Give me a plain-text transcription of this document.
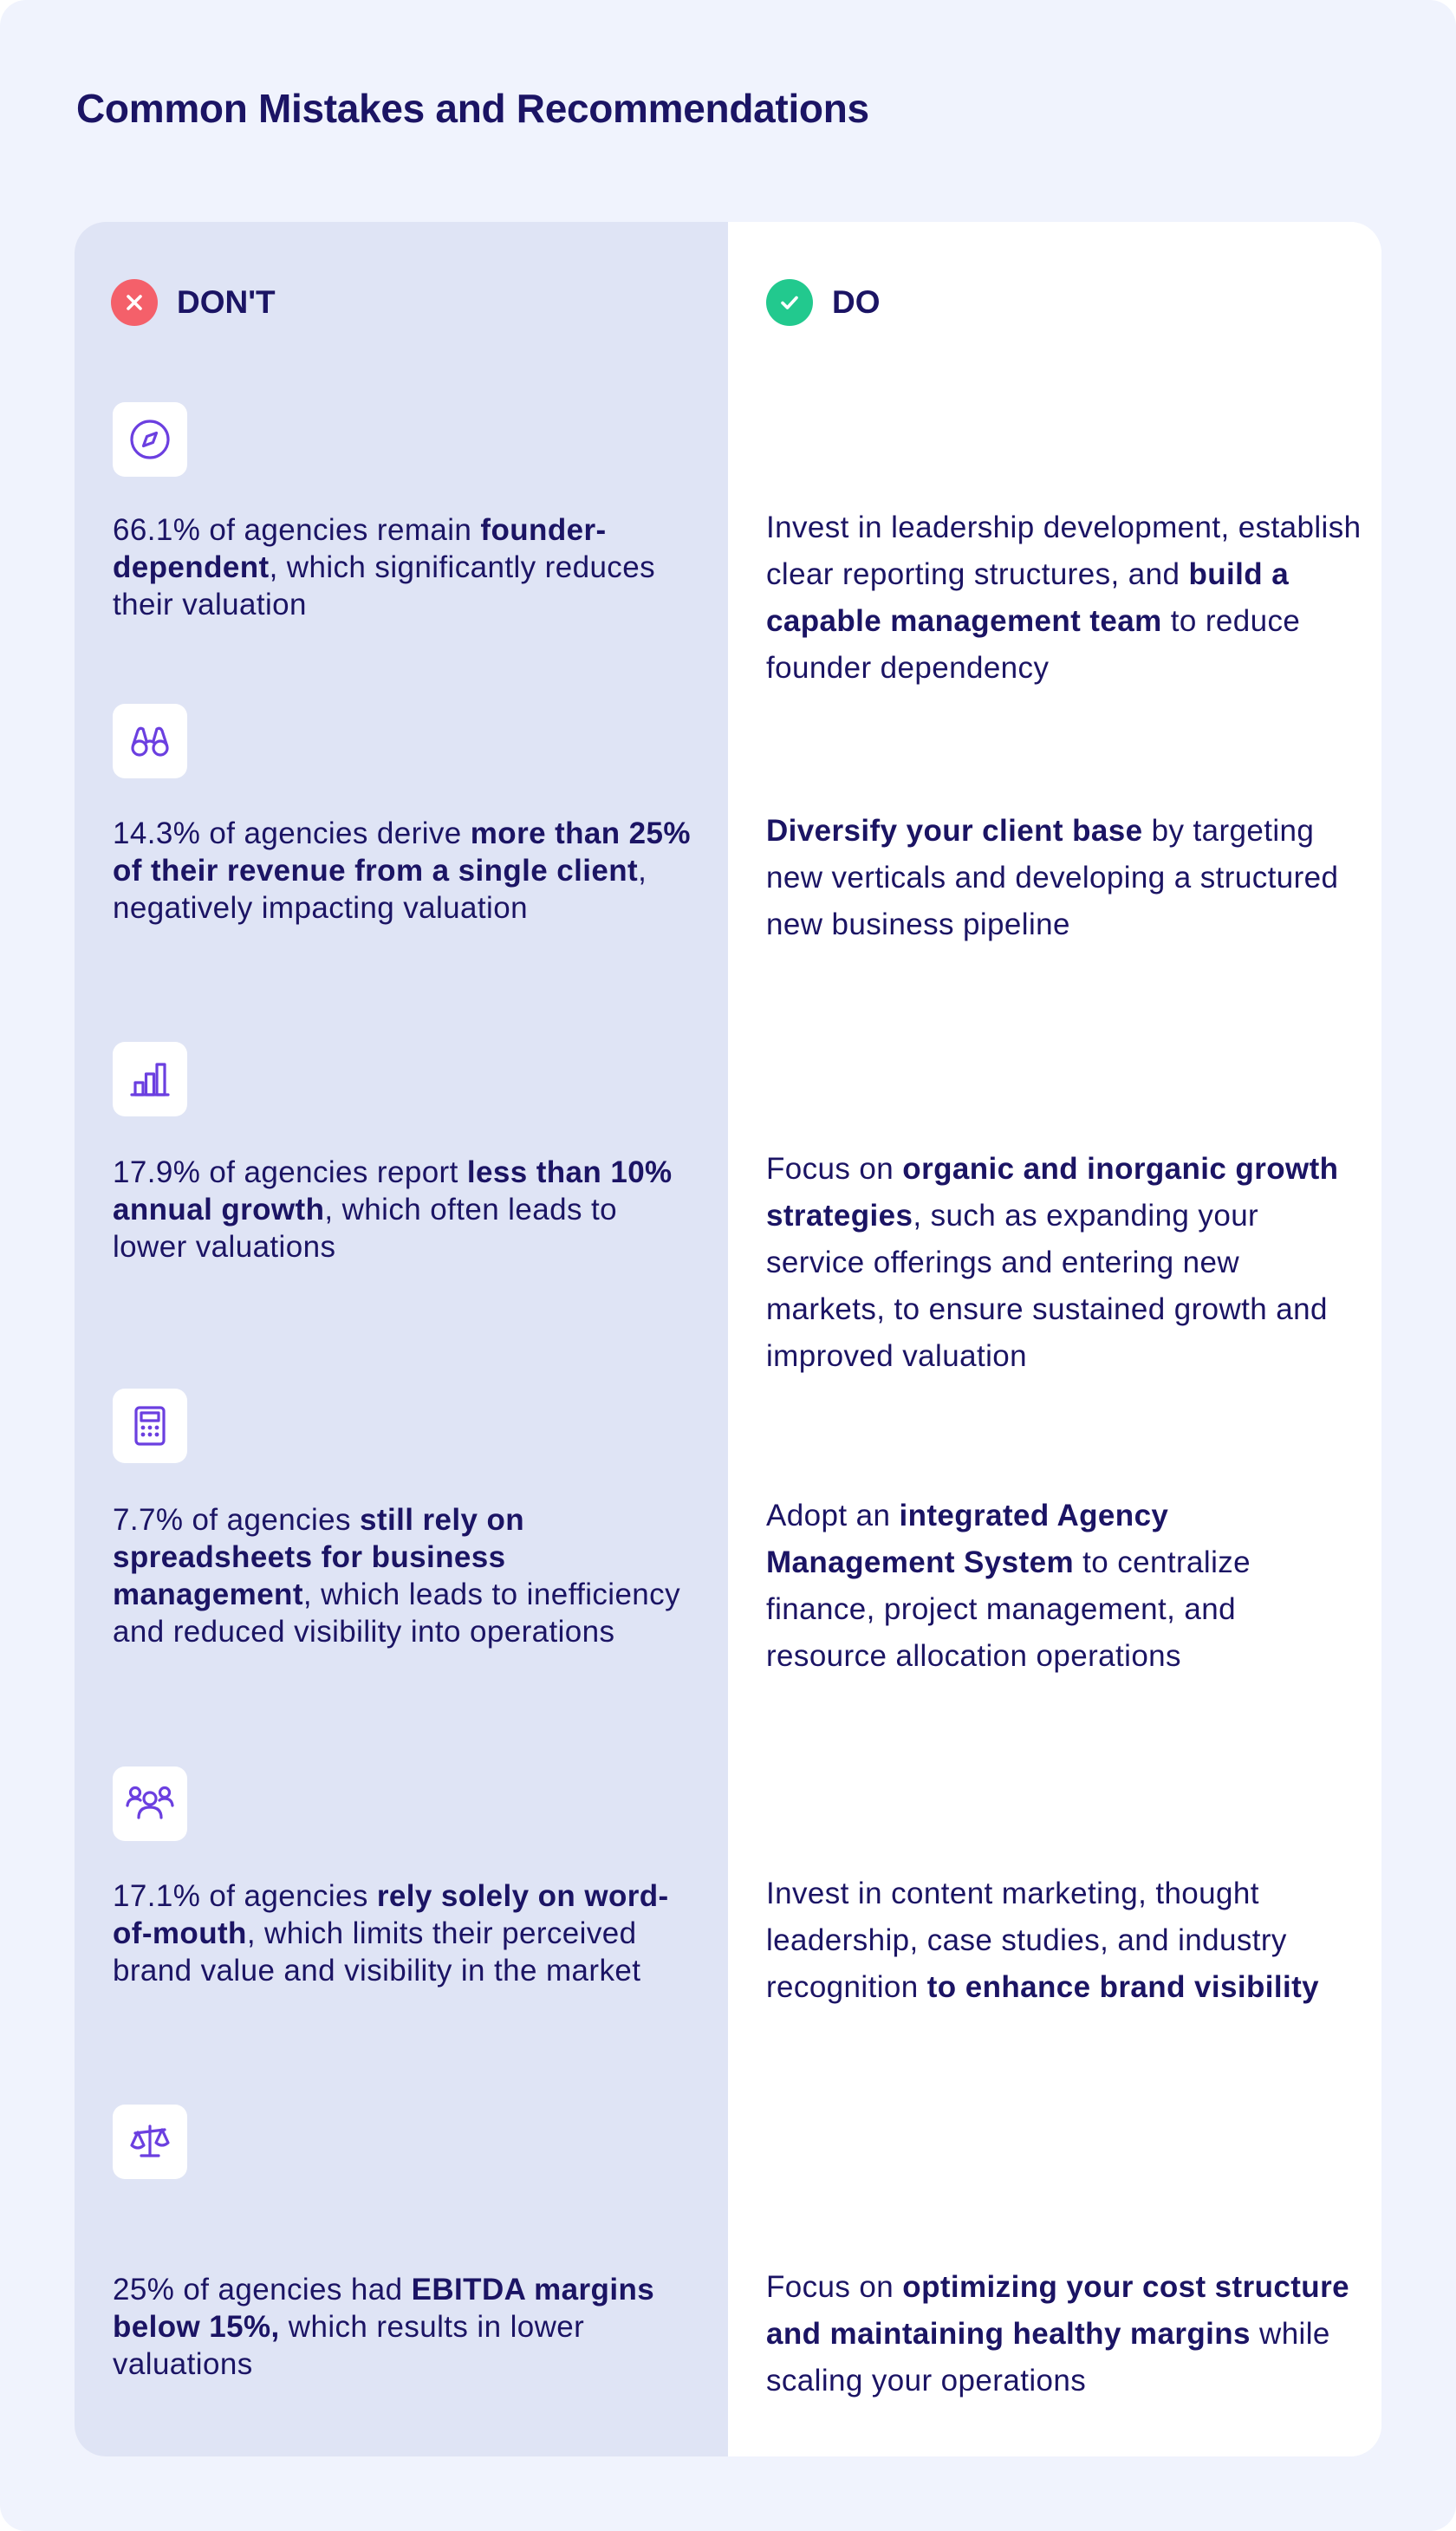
Common Mistakes and Recommendations
DON'T

66.1% of agencies remain founder-dependent, which significantly reduces their valuation

14.3% of agencies derive more than 25% of their revenue from a single client, negatively impacting valuation

17.9% of agencies report less than 10% annual growth, which often leads to lower valuations

7.7% of agencies still rely on spreadsheets for business management, which leads to inefficiency and reduced visibility into operations

17.1% of agencies rely solely on word-of-mouth, which limits their perceived brand value and visibility in the market

25% of agencies had EBITDA margins below 15%, which results in lower valuations

DO

Invest in leadership development, establish clear reporting structures, and build a capable management team to reduce founder dependency

Diversify your client base by targeting new verticals and developing a structured new business pipeline

Focus on organic and inorganic growth strategies, such as expanding your service offerings and entering new markets, to ensure sustained growth and improved valuation

Adopt an integrated Agency Management System to centralize finance, project management, and resource allocation operations

Invest in content marketing, thought leadership, case studies, and industry recognition to enhance brand visibility

Focus on optimizing your cost structure and maintaining healthy margins while scaling your operations
